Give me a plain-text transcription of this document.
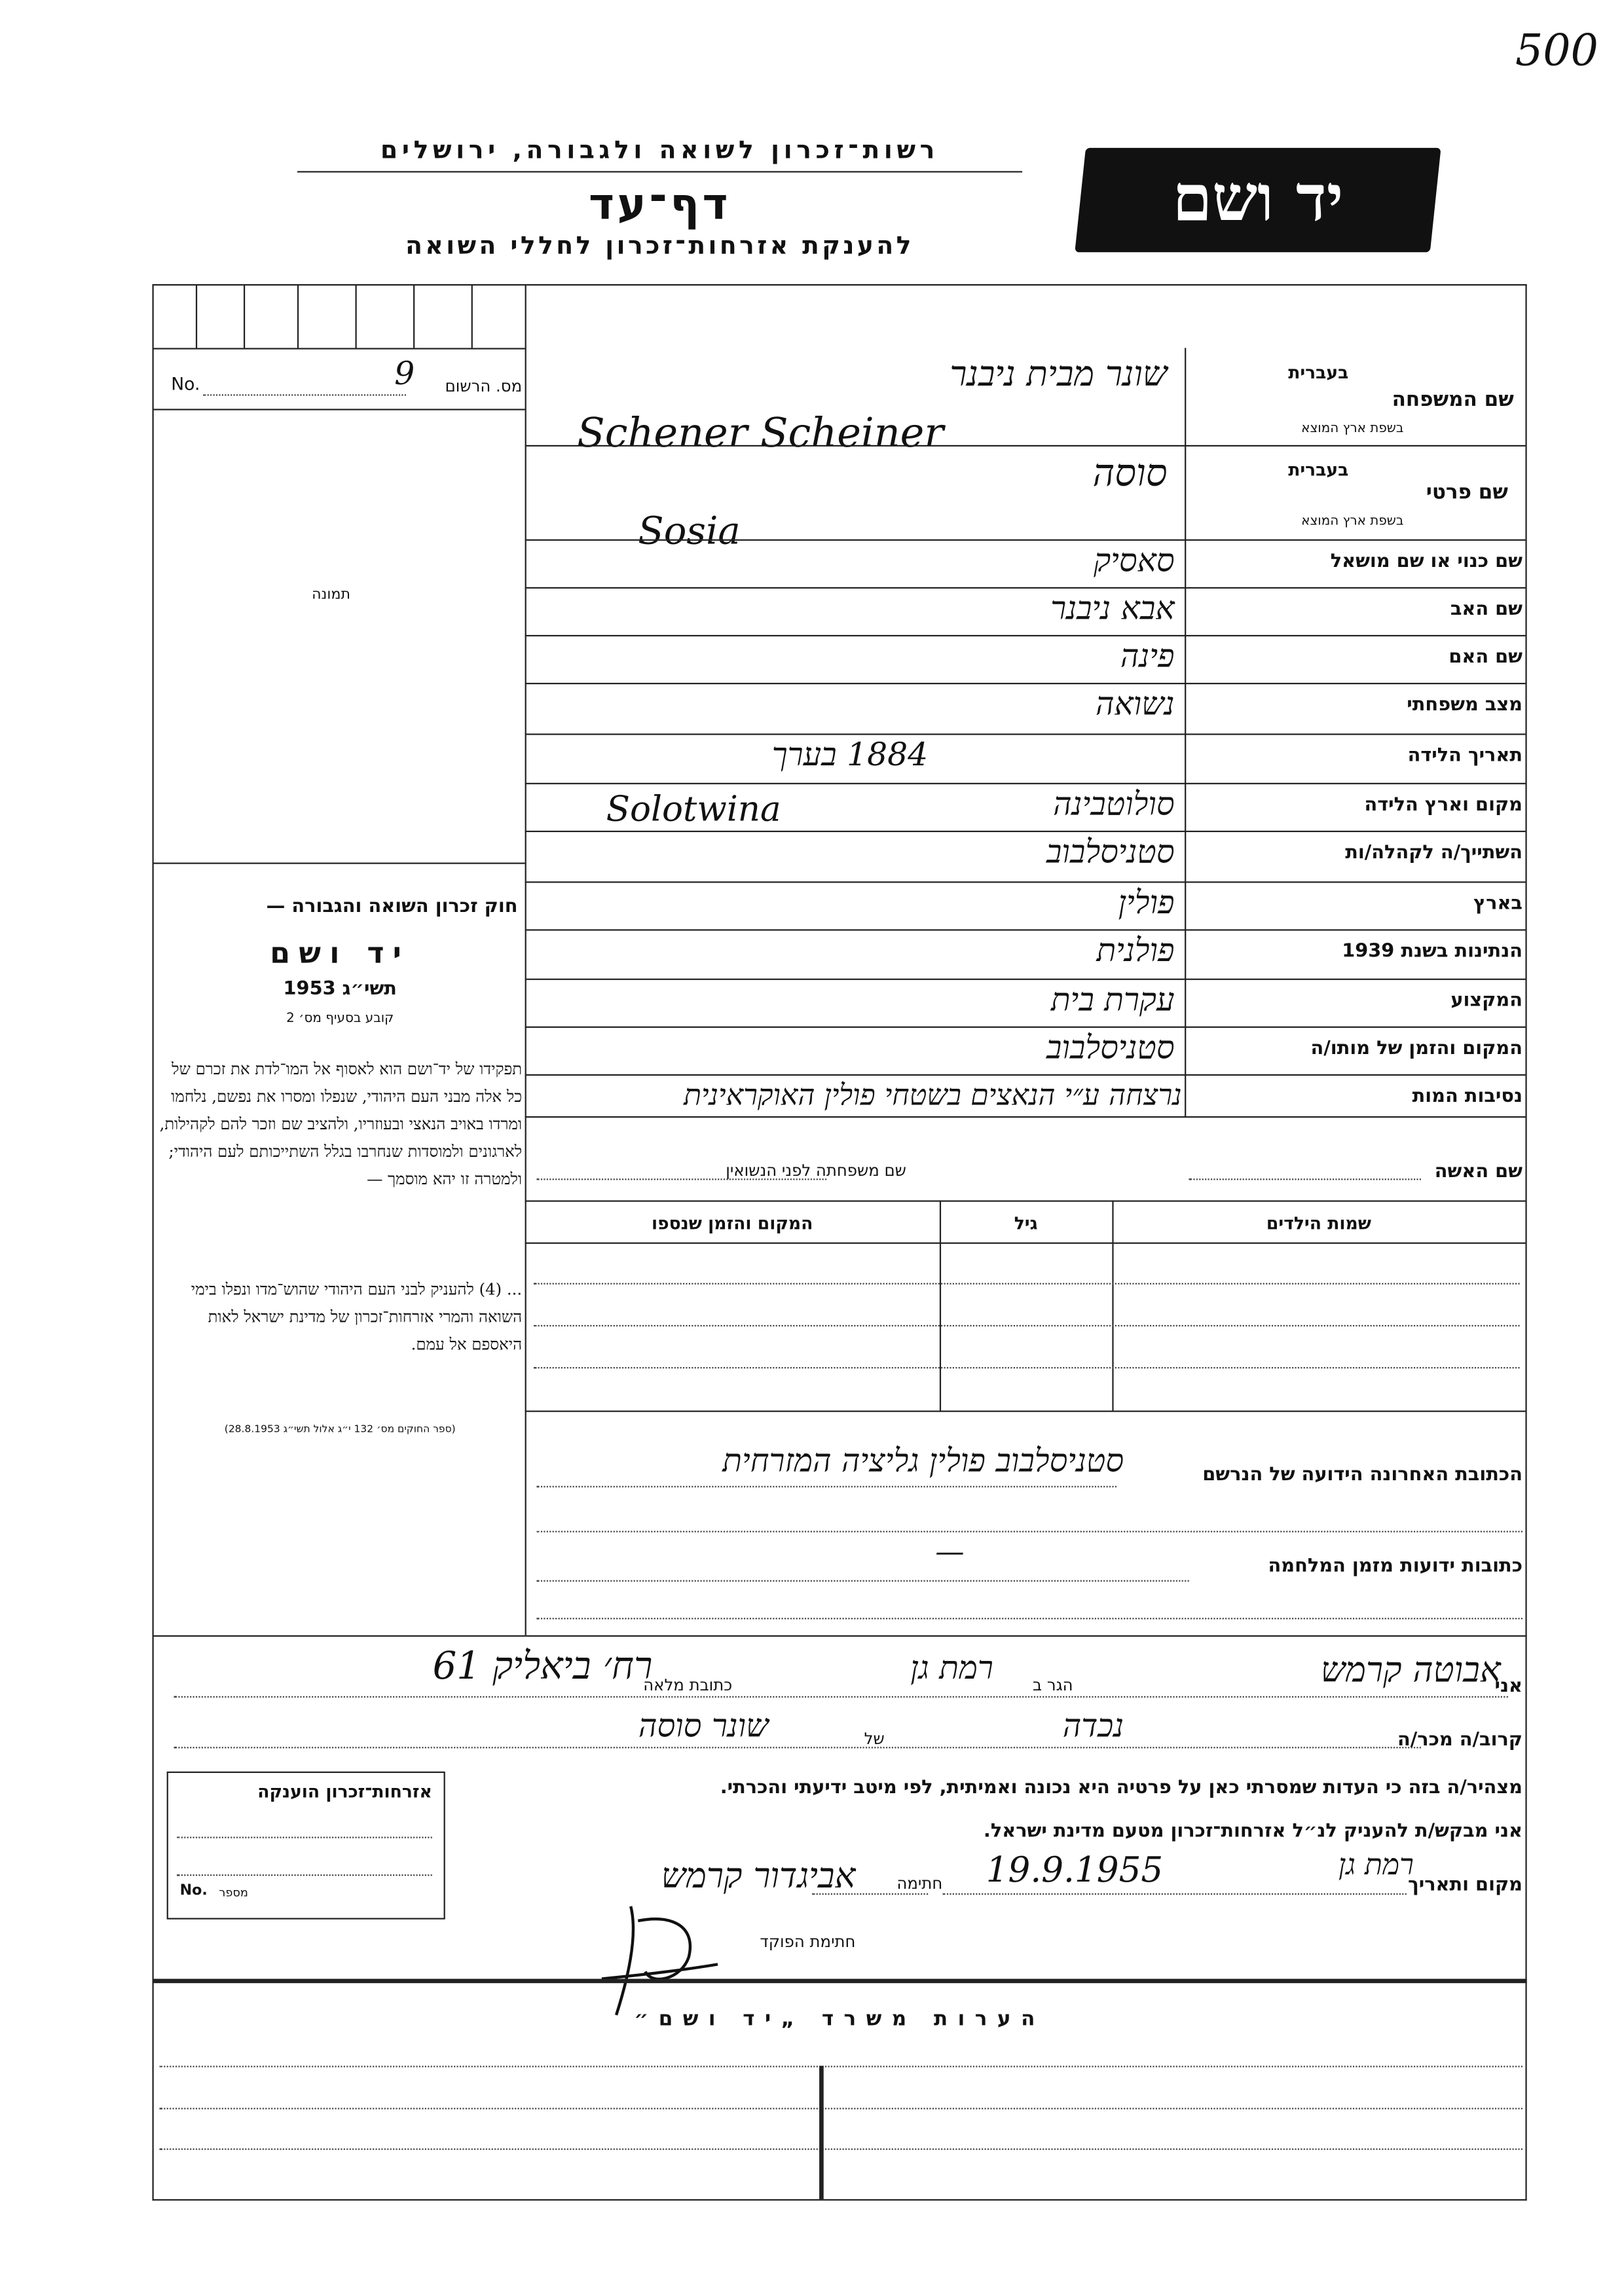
500
רשות־זכרון לשואה ולגבורה, ירושלים
דף־עד
להענקת אזרחות־זכרון לחללי השואה
יד ושם
No.	9	מס. הרשום
תמונה
חוק זכרון השואה והגבורה —
יד ושם
תשי״ג 1953
קובע בסעיף מס׳ 2
תפקידו של יד־ושם הוא לאסוף אל המו־לדת את זכרם של כל אלה מבני העם היהודי, שנפלו ומסרו את נפשם, נלחמו ומרדו באויב הנאצי ובעוזריו, ולהציב שם וזכר להם לקהילות, לארגונים ולמוסדות שנחרבו בגלל השתייכותם לעם היהודי; ולמטרה זו יהא מוסמך —
... (4) להעניק לבני העם היהודי שהוש־מדו ונפלו בימי השואה והמרי אזרחות־זכרון של מדינת ישראל לאות היאספם אל עמם.
(ספר החוקים מס׳ 132 י״ג אלול תשי״ג 28.8.1953)
בעברית
שם המשפחה
בשפת ארץ המוצא
שונר מבית ניבנר
Schener Scheiner
בעברית
שם פרטי
בשפת ארץ המוצא
סוסה
Sosia
שם כנוי או שם מושאל
סאסיק
שם האב
אבא ניבנר
שם האם
פינה
מצב משפחתי
נשואה
תאריך הלידה
1884 בערך
מקום וארץ הלידה
סולוטבינה
Solotwina
השתייך/ה לקהלה/ות
סטניסלבוב
בארץ
פולין
הנתינות בשנת 1939
פולנית
המקצוע
עקרת בית
המקום והזמן של מותו/ה
סטניסלבוב
נסיבות המות
נרצחה ע״י הנאצים בשטחי פולין האוקראינית
שם האשה
שם משפחתה לפני הנשואין
שמות הילדים
גיל
המקום והזמן שנספו
הכתובת האחרונה הידועה של הנרשם
סטניסלבוב פולין גליציה המזרחית
כתובות ידועות מזמן המלחמה
—
אני
אבוטה קרמש
הגר ב
רמת גן
כתובת מלאה
רח׳ ביאליק 61
קרוב/ה מכר/ה
נכדה
של
שונר סוסה
מצהיר/ה בזה כי העדות שמסרתי כאן על פרטיה היא נכונה ואמיתית, לפי מיטב ידיעתי והכרתי.
אני מבקש/ת להעניק לנ״ל אזרחות־זכרון מטעם מדינת ישראל.
מקום ותאריך
רמת גן
19.9.1955
חתימה
אביגדור קרמש
חתימת הפוקד
אזרחות־זכרון הוענקה
No. מספר
הערות משרד „יד ושם״
